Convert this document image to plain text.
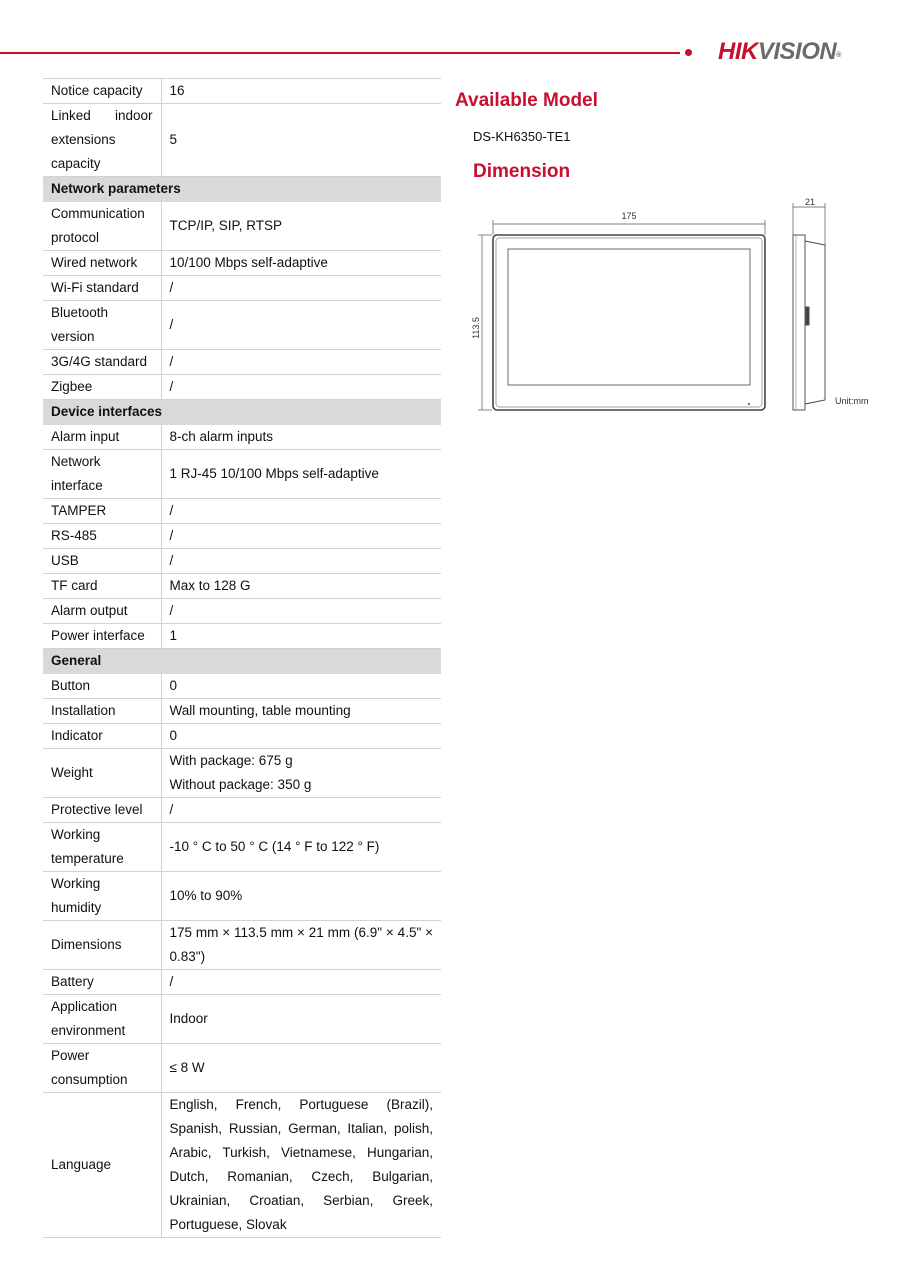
HIKVISION®
Notice capacity	16
Linked indoor extensions capacity	5
Network parameters	
Communication protocol	TCP/IP, SIP, RTSP
Wired network	10/100 Mbps self-adaptive
Wi-Fi standard	/
Bluetooth version	/
3G/4G standard	/
Zigbee	/
Device interfaces	
Alarm input	8-ch alarm inputs
Network interface	1 RJ-45 10/100 Mbps self-adaptive
TAMPER	/
RS-485	/
USB	/
TF card	Max to 128 G
Alarm output	/
Power interface	1
General	
Button	0
Installation	Wall mounting, table mounting
Indicator	0
Weight	With package: 675 g
Without package: 350 g

Protective level	/
Working temperature	-10 ° C to 50 ° C (14 ° F to 122 ° F)
Working humidity	10% to 90%
Dimensions	175 mm × 113.5 mm × 21 mm (6.9" × 4.5" × 0.83")
Battery	/
Application environment	Indoor
Power consumption	≤ 8 W
Language	English, French, Portuguese (Brazil), Spanish, Russian, German, Italian, polish, Arabic, Turkish, Vietnamese, Hungarian, Dutch, Romanian, Czech, Bulgarian, Ukrainian, Croatian, Serbian, Greek, Portuguese, Slovak
Available Model
DS-KH6350-TE1
Dimension
175
113.5
21
Unit:mm
